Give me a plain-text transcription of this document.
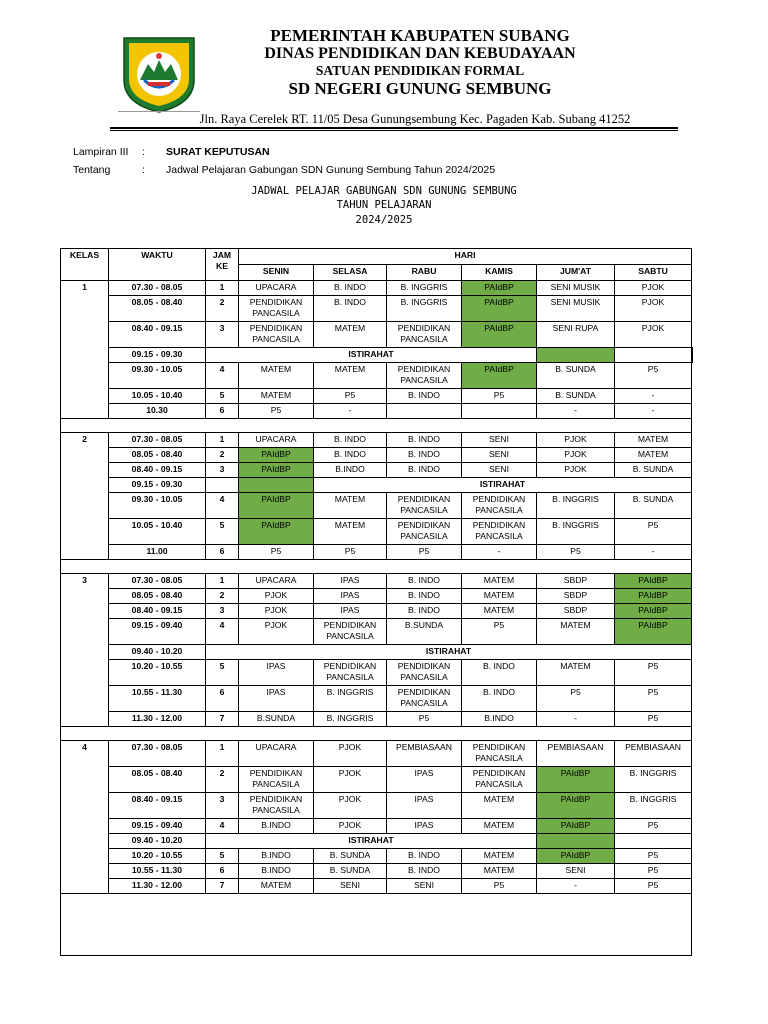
PEMERINTAH KABUPATEN SUBANG
DINAS PENDIDIKAN DAN KEBUDAYAAN
SATUAN PENDIDIKAN FORMAL
SD NEGERI GUNUNG SEMBUNG
Jln. Raya Cerelek RT. 11/05 Desa Gunungsembung Kec. Pagaden Kab. Subang 41252
Lampiran III : SURAT KEPUTUSAN
Tentang	: Jadwal Pelajaran Gabungan SDN Gunung Sembung Tahun 2024/2025
JADWAL PELAJAR GABUNGAN SDN GUNUNG SEMBUNG
TAHUN PELAJARAN
2024/2025
KELAS	WAKTU	JAM KE	HARI						
			SENIN	SELASA	RABU	KAMIS	JUM'AT	SABTU	
1	07.30 - 08.05	1	UPACARA	B. INDO	B. INGGRIS	PAIdBP	SENI MUSIK	PJOK	
	08.05 - 08.40	2	PENDIDIKAN PANCASILA	B. INDO	B. INGGRIS	PAIdBP	SENI MUSIK	PJOK	
	08.40 - 09.15	3	PENDIDIKAN PANCASILA	MATEM	PENDIDIKAN PANCASILA	PAIdBP	SENI RUPA	PJOK	
	09.15 - 09.30	ISTIRAHAT							
	09.30 - 10.05	4	MATEM	MATEM	PENDIDIKAN PANCASILA	PAIdBP	B. SUNDA	P5	
	10.05 - 10.40	5	MATEM	P5	B. INDO	P5	B. SUNDA	-	
	10.30	6	P5	-			-	-	

2	07.30 - 08.05	1	UPACARA	B. INDO	B. INDO	SENI	PJOK	MATEM	
	08.05 - 08.40	2	PAIdBP	B. INDO	B. INDO	SENI	PJOK	MATEM	
	08.40 - 09.15	3	PAIdBP	B.INDO	B. INDO	SENI	PJOK	B. SUNDA	
	09.15 - 09.30			ISTIRAHAT					
	09.30 - 10.05	4	PAIdBP	MATEM	PENDIDIKAN PANCASILA	PENDIDIKAN PANCASILA	B. INGGRIS	B. SUNDA	
	10.05 - 10.40	5	PAIdBP	MATEM	PENDIDIKAN PANCASILA	PENDIDIKAN PANCASILA	B. INGGRIS	P5	
	11.00	6	P5	P5	P5	-	P5	-	

3	07.30 - 08.05	1	UPACARA	IPAS	B. INDO	MATEM	SBDP	PAIdBP	
	08.05 - 08.40	2	PJOK	IPAS	B. INDO	MATEM	SBDP	PAIdBP	
	08.40 - 09.15	3	PJOK	IPAS	B. INDO	MATEM	SBDP	PAIdBP	
	09.15 - 09.40	4	PJOK	PENDIDIKAN PANCASILA	B.SUNDA	P5	MATEM	PAIdBP	
	09.40 - 10.20	ISTIRAHAT							
	10.20 - 10.55	5	IPAS	PENDIDIKAN PANCASILA	PENDIDIKAN PANCASILA	B. INDO	MATEM	P5	
	10.55 - 11.30	6	IPAS	B. INGGRIS	PENDIDIKAN PANCASILA	B. INDO	P5	P5	
	11.30 - 12.00	7	B.SUNDA	B. INGGRIS	P5	B.INDO	-	P5	

4	07.30 - 08.05	1	UPACARA	PJOK	PEMBIASAAN	PENDIDIKAN PANCASILA	PEMBIASAAN	PEMBIASAAN	
	08.05 - 08.40	2	PENDIDIKAN PANCASILA	PJOK	IPAS	PENDIDIKAN PANCASILA	PAIdBP	B. INGGRIS	
	08.40 - 09.15	3	PENDIDIKAN PANCASILA	PJOK	IPAS	MATEM	PAIdBP	B. INGGRIS	
	09.15 - 09.40	4	B.INDO	PJOK	IPAS	MATEM	PAIdBP	P5	
	09.40 - 10.20	ISTIRAHAT							
	10.20 - 10.55	5	B.INDO	B. SUNDA	B. INDO	MATEM	PAIdBP	P5	
	10.55 - 11.30	6	B.INDO	B. SUNDA	B. INDO	MATEM	SENI	P5	
	11.30 - 12.00	7	MATEM	SENI	SENI	P5	-	P5	
